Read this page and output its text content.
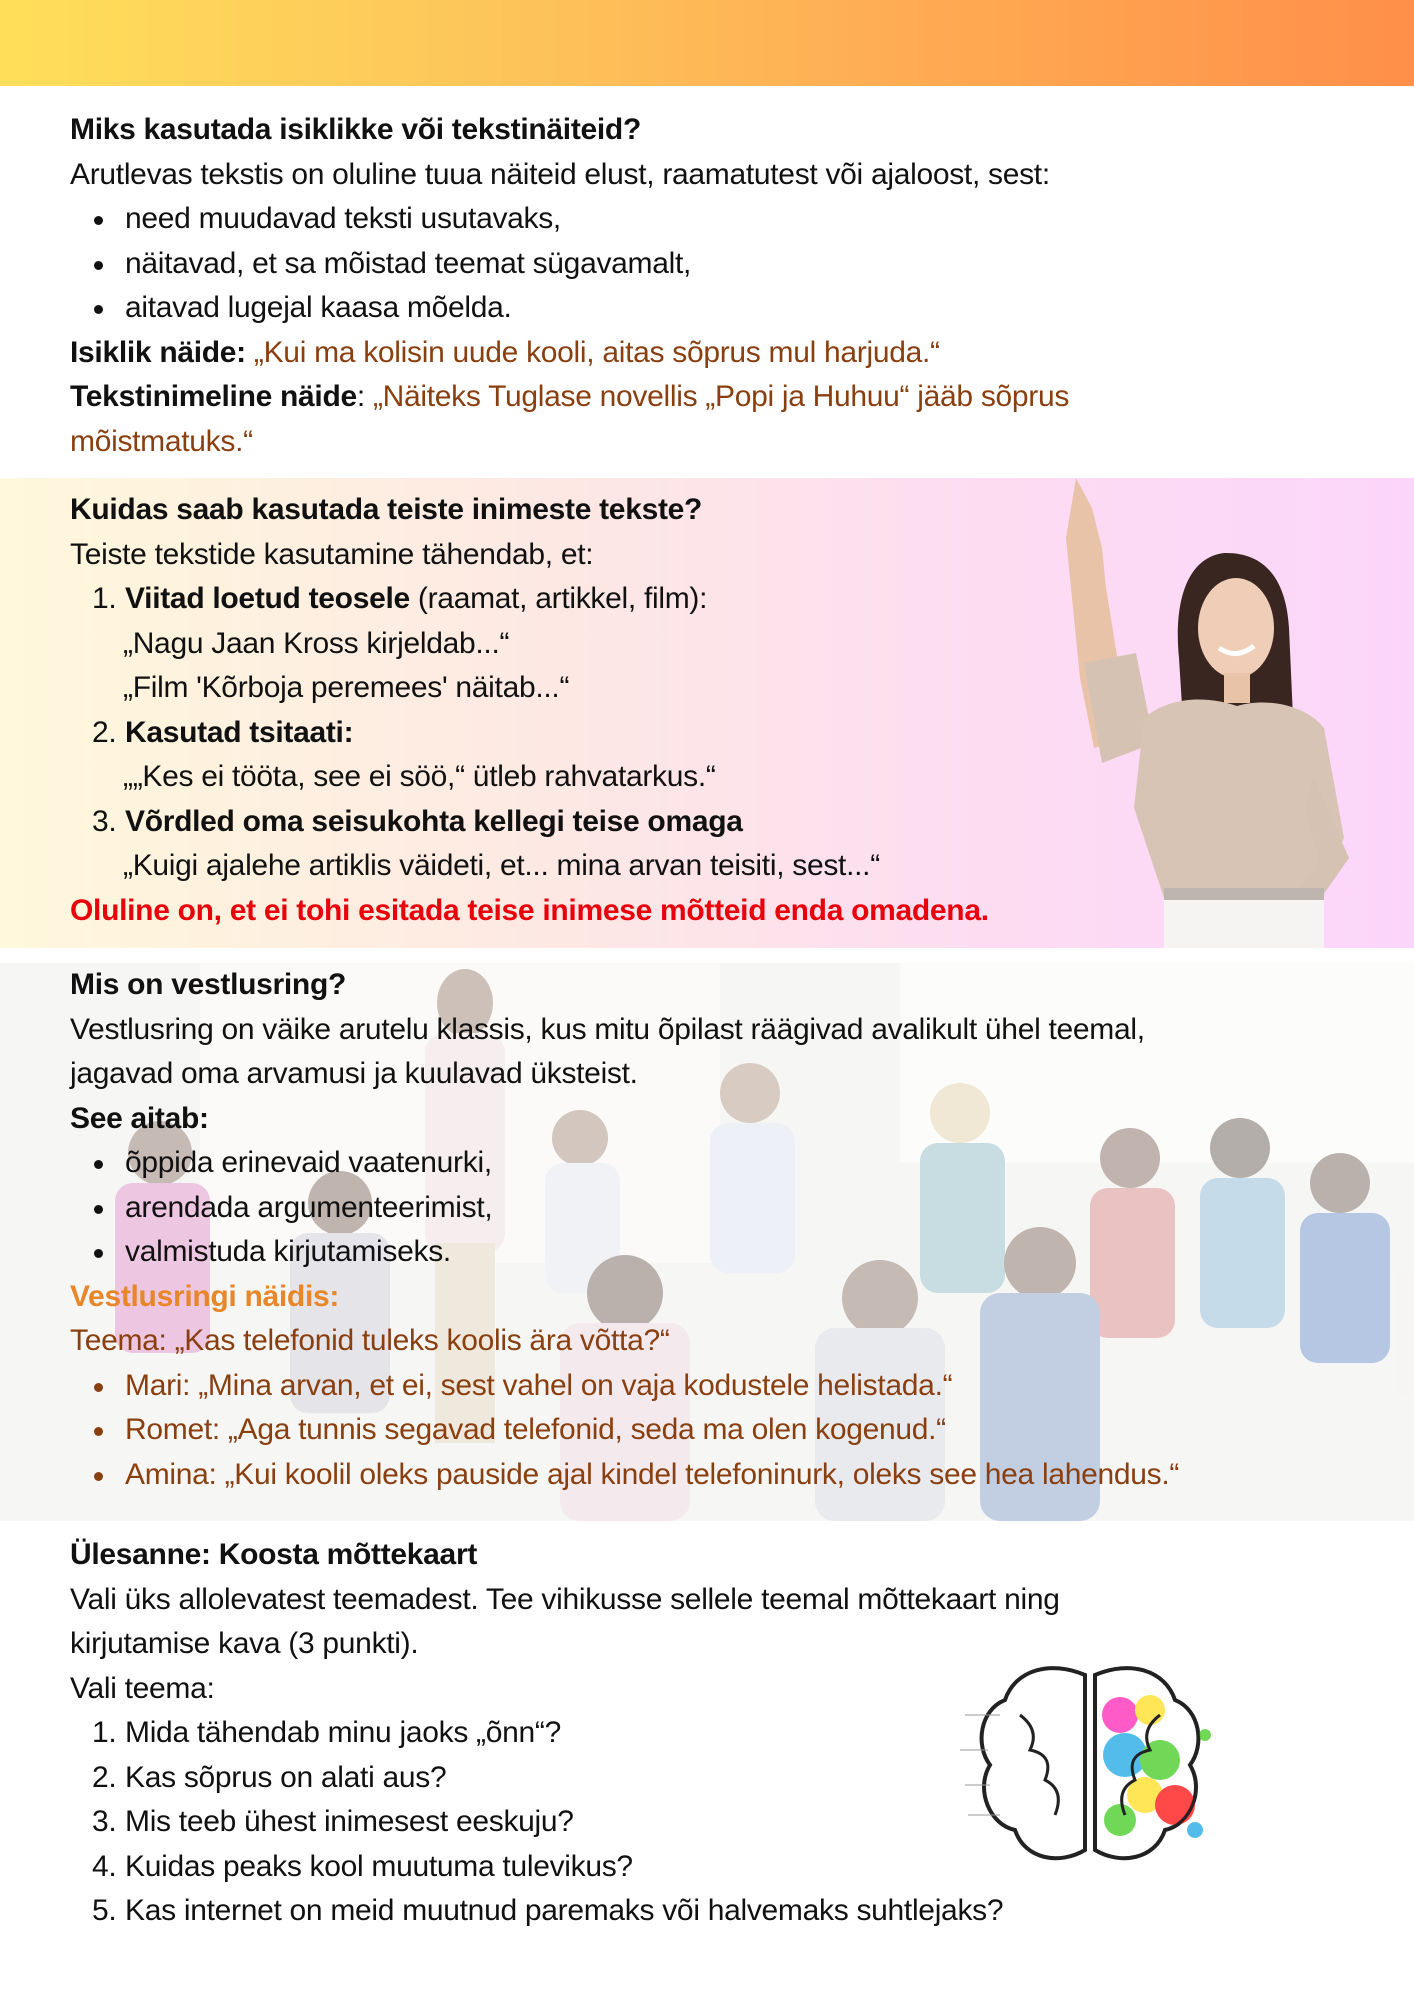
Miks kasutada isiklikke või tekstinäiteid?
Arutlevas tekstis on oluline tuua näiteid elust, raamatutest või ajaloost, sest:
need muudavad teksti usutavaks,
näitavad, et sa mõistad teemat sügavamalt,
aitavad lugejal kaasa mõelda.
Isiklik näide: „Kui ma kolisin uude kooli, aitas sõprus mul harjuda.“
Tekstinimeline näide: „Näiteks Tuglase novellis „Popi ja Huhuu“ jääb sõprus
mõistmatuks.“
Kuidas saab kasutada teiste inimeste tekste?
Teiste tekstide kasutamine tähendab, et:
1. Viitad loetud teosele (raamat, artikkel, film):
„Nagu Jaan Kross kirjeldab...“
„Film 'Kõrboja peremees' näitab...“
2. Kasutad tsitaati:
„„Kes ei tööta, see ei söö,“ ütleb rahvatarkus.“
3. Võrdled oma seisukohta kellegi teise omaga
„Kuigi ajalehe artiklis väideti, et... mina arvan teisiti, sest...“
Oluline on, et ei tohi esitada teise inimese mõtteid enda omadena.
Mis on vestlusring?
Vestlusring on väike arutelu klassis, kus mitu õpilast räägivad avalikult ühel teemal,
jagavad oma arvamusi ja kuulavad üksteist.
See aitab:
õppida erinevaid vaatenurki,
arendada argumenteerimist,
valmistuda kirjutamiseks.
Vestlusringi näidis:
Teema: „Kas telefonid tuleks koolis ära võtta?“
Mari: „Mina arvan, et ei, sest vahel on vaja kodustele helistada.“
Romet: „Aga tunnis segavad telefonid, seda ma olen kogenud.“
Amina: „Kui koolil oleks pauside ajal kindel telefoninurk, oleks see hea lahendus.“
Ülesanne: Koosta mõttekaart
Vali üks allolevatest teemadest. Tee vihikusse sellele teemal mõttekaart ning
kirjutamise kava (3 punkti).
Vali teema:
1. Mida tähendab minu jaoks „õnn“?
2. Kas sõprus on alati aus?
3. Mis teeb ühest inimesest eeskuju?
4. Kuidas peaks kool muutuma tulevikus?
5. Kas internet on meid muutnud paremaks või halvemaks suhtlejaks?
